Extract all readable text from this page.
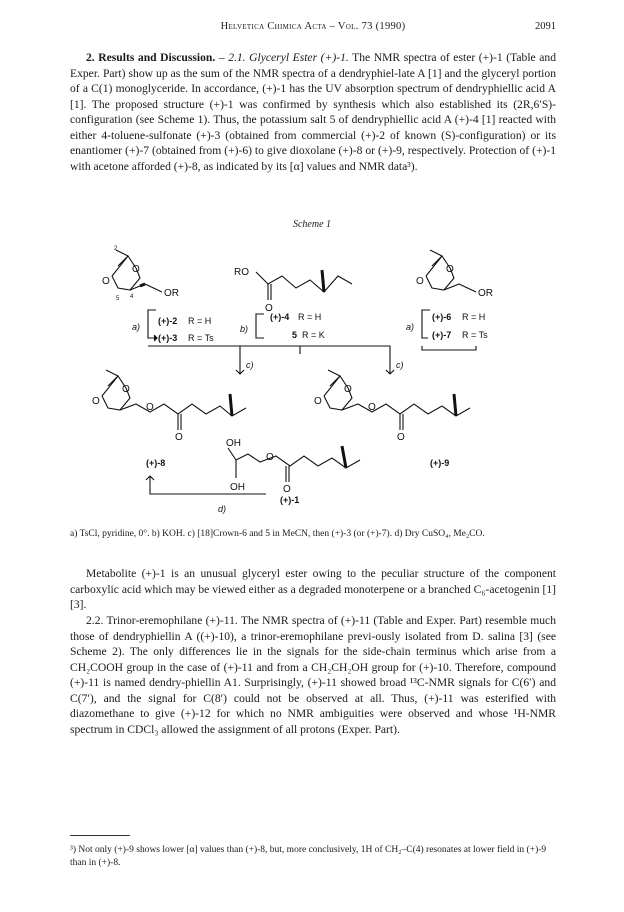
Helvetica Chimica Acta – Vol. 73 (1990)	2091

2. Results and Discussion. – 2.1. Glyceryl Ester (+)-1. The NMR spectra of ester (+)-1 (Table and Exper. Part) show up as the sum of the NMR spectra of a dendryphiel-late A [1] and the glyceryl portion of a C(1) monoglyceride. In accordance, (+)-1 has the UV absorption spectrum of dendryphiellic acid A [1]. The proposed structure (+)-1 was confirmed by synthesis which also established its (2R,6′S)-configuration (see Scheme 1). Thus, the potassium salt 5 of dendryphiellic acid A (+)-4 [1] reacted with either 4-toluene-sulfonate (+)-3 (obtained from commercial (+)-2 of known (S)-configuration) or its enantiomer (+)-7 (obtained from (+)-6) to give dioxolane (+)-8 or (+)-9, respectively. Protection of (+)-1 with acetone afforded (+)-8, as indicated by its [α] values and NMR data³).

Scheme 1
O
O
OR
2
4
5
RO
O
O
O
OR
a)
(+)-2 R = H
(+)-3 R = Ts
b)
(+)-4 R = H
5 R = K
a)
(+)-6 R = H
(+)-7 R = Ts
c)	c)
O
O
O
O
O
O
O
O
OH
OH
O
O
(+)-8	(+)-9
(+)-1
d)

a) TsCl, pyridine, 0°. b) KOH. c) [18]Crown-6 and 5 in MeCN, then (+)-3 (or (+)-7). d) Dry CuSO₄, Me₂CO.

Metabolite (+)-1 is an unusual glyceryl ester owing to the peculiar structure of the component carboxylic acid which may be viewed either as a degraded monoterpene or a branched C₆-acetogenin [1] [3].

2.2. Trinor-eremophilane (+)-11. The NMR spectra of (+)-11 (Table and Exper. Part) resemble much those of dendryphiellin A ((+)-10), a trinor-eremophilane previ-ously isolated from D. salina [3] (see Scheme 2). The only differences lie in the signals for the side-chain terminus which arise from a CH₂COOH group in the case of (+)-11 and from a CH₂CH₂OH group for (+)-10. Therefore, compound (+)-11 is named dendry-phiellin A1. Surprisingly, (+)-11 showed broad ¹³C-NMR signals for C(6′) and C(7′), and the signal for C(8′) could not be observed at all. Thus, (+)-11 was esterified with diazomethane to give (+)-12 for which no NMR ambiguities were observed and whose ¹H-NMR spectrum in CDCl₃ allowed the assignment of all protons (Exper. Part).

³) Not only (+)-9 shows lower [α] values than (+)-8, but, more conclusively, 1H of CH₂–C(4) resonates at lower field in (+)-9 than in (+)-8.
